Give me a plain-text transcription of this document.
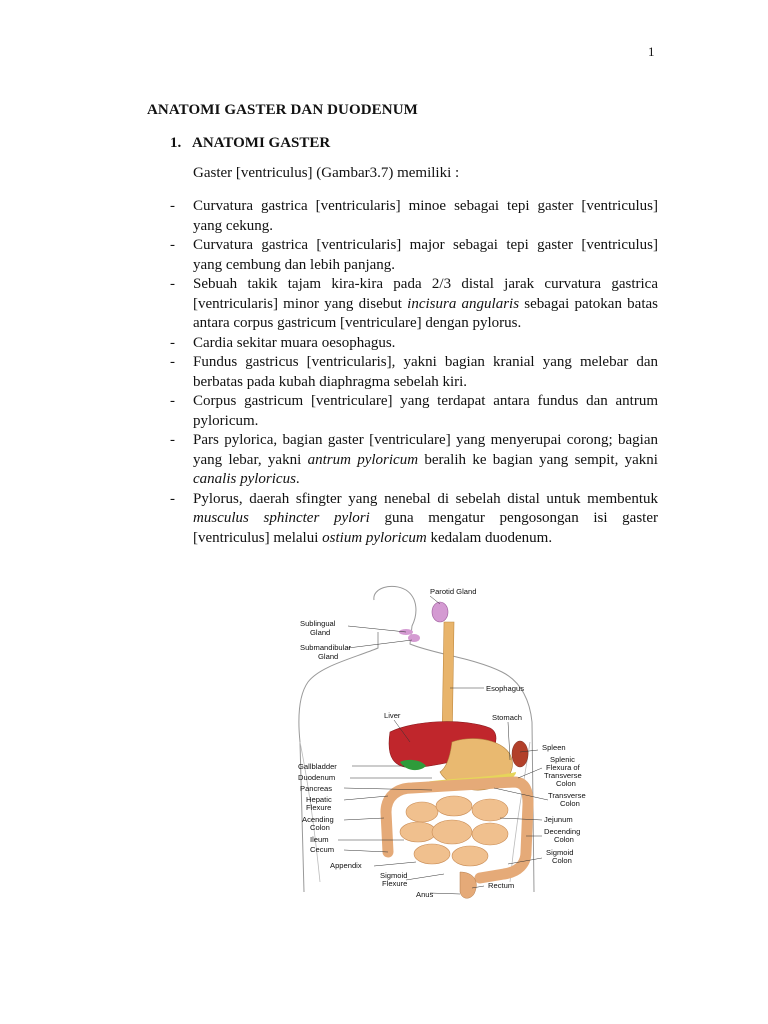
1
ANATOMI GASTER DAN DUODENUM
1. ANATOMI GASTER
Gaster [ventriculus] (Gambar3.7) memiliki :
- Curvatura gastrica [ventricularis] minoe sebagai tepi gaster [ventriculus] yang cekung.
- Curvatura gastrica [ventricularis] major sebagai tepi gaster [ventriculus] yang cembung dan lebih panjang.
- Sebuah takik tajam kira-kira pada 2/3 distal jarak curvatura gastrica [ventricularis] minor yang disebut incisura angularis sebagai patokan batas antara corpus gastricum [ventriculare] dengan pylorus.
- Cardia sekitar muara oesophagus.
- Fundus gastricus [ventricularis], yakni bagian kranial yang melebar dan berbatas pada kubah diaphragma sebelah kiri.
- Corpus gastricum [ventriculare] yang terdapat antara fundus dan antrum pyloricum.
- Pars pylorica, bagian gaster [ventriculare] yang menyerupai corong; bagian yang lebar, yakni antrum pyloricum beralih ke bagian yang sempit, yakni canalis pyloricus.
- Pylorus, daerah sfingter yang nenebal di sebelah distal untuk membentuk musculus sphincter pylori guna mengatur pengosongan isi gaster [ventriculus] melalui ostium pyloricum kedalam duodenum.
Parotid Gland
Sublingual
Gland
Submandibular
Gland
Esophagus
Liver	Stomach
Spleen
Splenic
Flexura of
Transverse
Colon
Gallbladder
Duodenum
Pancreas
Hepatic
Flexure
Transverse
Colon
Acending
Colon
Jejunum
Ileum
Cecum
Decending
Colon
Sigmoid
Colon
Appendix
Sigmoid
Flexure	Rectum
Anus
